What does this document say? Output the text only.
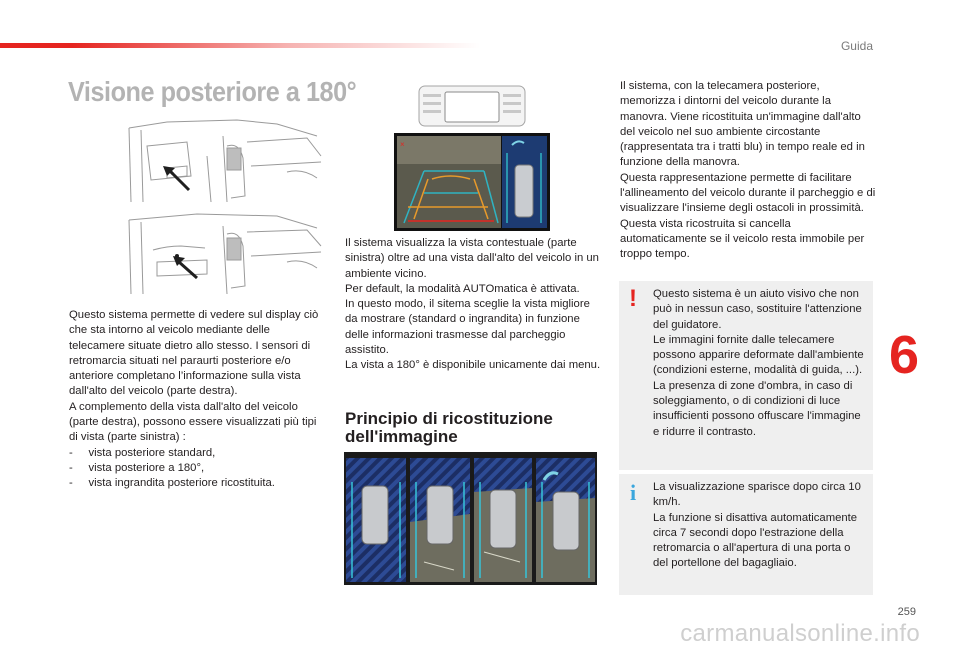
Guida
Visione posteriore a 180°
×

Questo sistema permette di vedere sul display ciò che sta intorno al veicolo mediante delle telecamere situate dietro allo stesso. I sensori di retromarcia situati nel paraurti posteriore e/o anteriore completano l’informazione sulla vista dall'alto del veicolo (parte destra).
A complemento della vista dall'alto del veicolo (parte destra), possono essere visualizzati più tipi di vista (parte sinistra) :
-     vista posteriore standard,
-     vista posteriore a 180°,
-     vista ingrandita posteriore ricostituita.

Il sistema visualizza la vista contestuale (parte sinistra) oltre ad una vista dall'alto del veicolo in un ambiente vicino.
Per default, la modalità AUTOmatica è attivata.
In questo modo, il sitema sceglie la vista migliore da mostrare (standard o ingrandita) in funzione delle informazioni trasmesse dal parcheggio assistito.
La vista a 180° è disponibile unicamente dai menu.

Principio di ricostituzione dell'immagine

Il sistema, con la telecamera posteriore, memorizza i dintorni del veicolo durante la manovra. Viene ricostituita un'immagine dall'alto del veicolo nel suo ambiente circostante (rappresentata tra i tratti blu) in tempo reale ed in funzione della manovra.
Questa rappresentazione permette di facilitare l'allineamento del veicolo durante il parcheggio e di visualizzare l'insieme degli ostacoli in prossimità.
Questa vista ricostruita si cancella automaticamente se il veicolo resta immobile per troppo tempo.

!	Questo sistema è un aiuto visivo che non può in nessun caso, sostituire l'attenzione del guidatore.
Le immagini fornite dalle telecamere possono apparire deformate dall'ambiente (condizioni esterne, modalità di guida, ...).
La presenza di zone d'ombra, in caso di soleggiamento, o di condizioni di luce insufficienti possono offuscare l'immagine e ridurre il contrasto.

i	La visualizzazione sparisce dopo circa 10 km/h.
La funzione si disattiva automaticamente circa 7 secondi dopo l'estrazione della retromarcia o all'apertura di una porta o del portellone del bagagliaio.

6
259
carmanualsonline.info
